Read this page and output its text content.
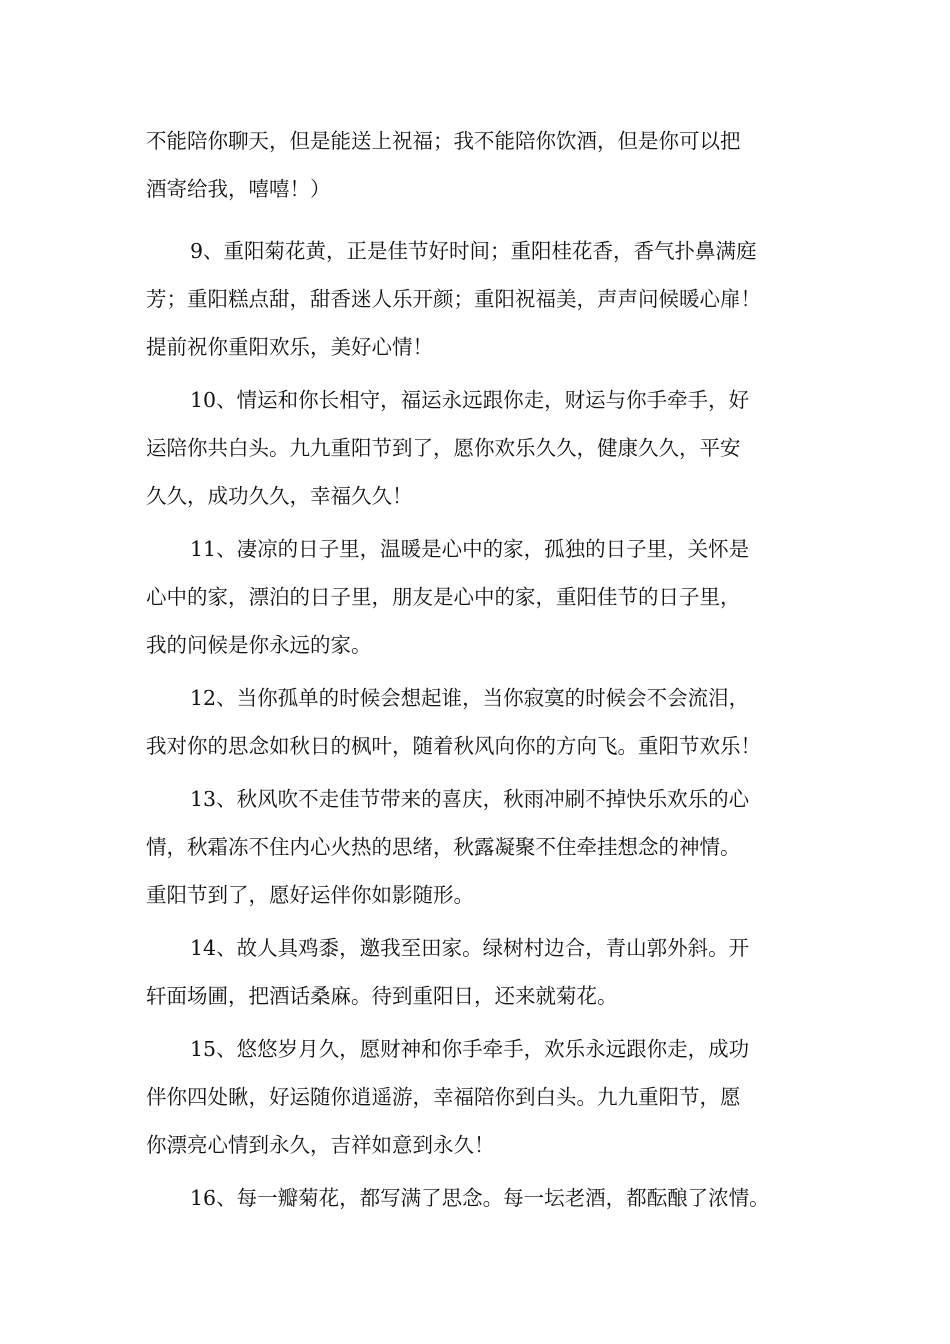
不能陪你聊天，但是能送上祝福；我不能陪你饮酒，但是你可以把
酒寄给我，嘻嘻！）
9、重阳菊花黄，正是佳节好时间；重阳桂花香，香气扑鼻满庭
芳；重阳糕点甜，甜香迷人乐开颜；重阳祝福美，声声问候暖心扉！
提前祝你重阳欢乐，美好心情！
10、情运和你长相守，福运永远跟你走，财运与你手牵手，好
运陪你共白头。九九重阳节到了，愿你欢乐久久，健康久久，平安
久久，成功久久，幸福久久！
11、凄凉的日子里，温暖是心中的家，孤独的日子里，关怀是
心中的家，漂泊的日子里，朋友是心中的家，重阳佳节的日子里，
我的问候是你永远的家。
12、当你孤单的时候会想起谁，当你寂寞的时候会不会流泪，
我对你的思念如秋日的枫叶，随着秋风向你的方向飞。重阳节欢乐！
13、秋风吹不走佳节带来的喜庆，秋雨冲刷不掉快乐欢乐的心
情，秋霜冻不住内心火热的思绪，秋露凝聚不住牵挂想念的神情。
重阳节到了，愿好运伴你如影随形。
14、故人具鸡黍，邀我至田家。绿树村边合，青山郭外斜。开
轩面场圃，把酒话桑麻。待到重阳日，还来就菊花。
15、悠悠岁月久，愿财神和你手牵手，欢乐永远跟你走，成功
伴你四处瞅，好运随你逍遥游，幸福陪你到白头。九九重阳节，愿
你漂亮心情到永久，吉祥如意到永久！
16、每一瓣菊花，都写满了思念。每一坛老酒，都酝酿了浓情。
